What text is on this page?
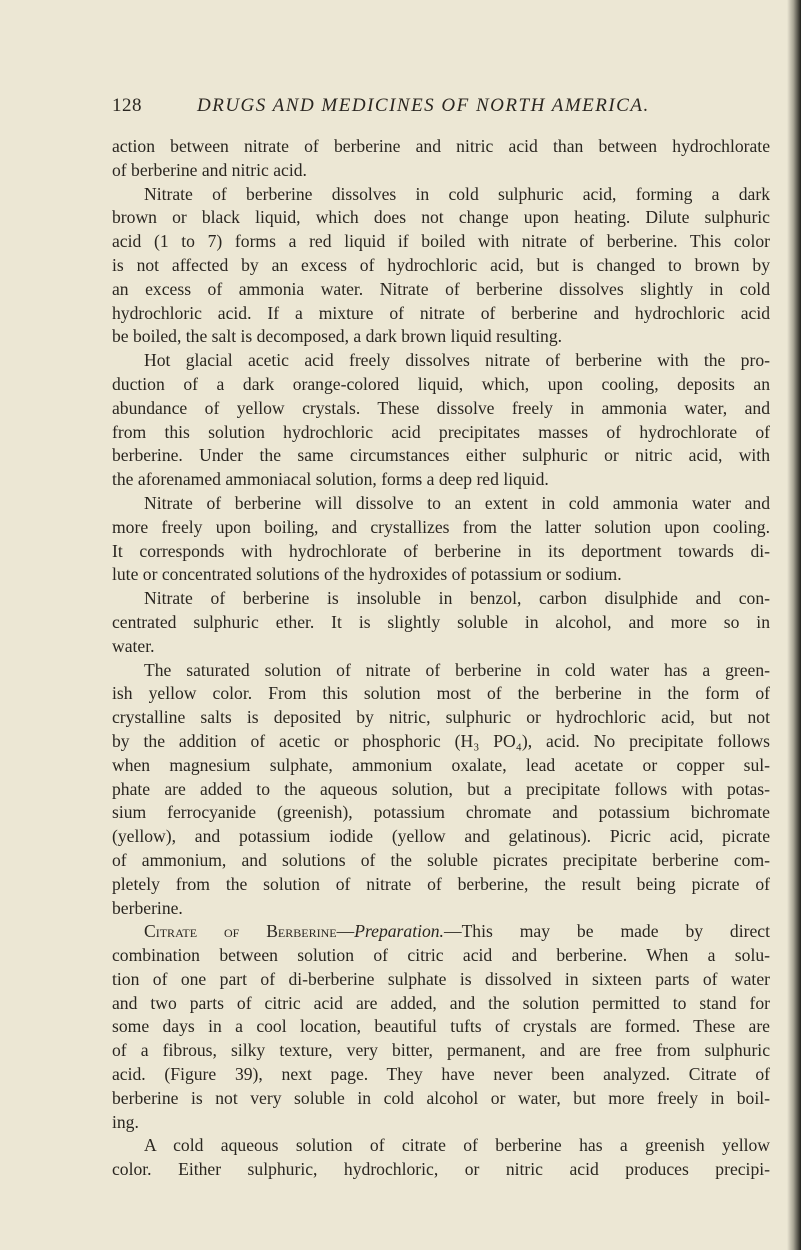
128	DRUGS AND MEDICINES OF NORTH AMERICA.
action between nitrate of berberine and nitric acid than between hydrochlorate
of berberine and nitric acid.
Nitrate of berberine dissolves in cold sulphuric acid, forming a dark
brown or black liquid, which does not change upon heating. Dilute sulphuric
acid (1 to 7) forms a red liquid if boiled with nitrate of berberine. This color
is not affected by an excess of hydrochloric acid, but is changed to brown by
an excess of ammonia water. Nitrate of berberine dissolves slightly in cold
hydrochloric acid. If a mixture of nitrate of berberine and hydrochloric acid
be boiled, the salt is decomposed, a dark brown liquid resulting.
Hot glacial acetic acid freely dissolves nitrate of berberine with the pro-
duction of a dark orange-colored liquid, which, upon cooling, deposits an
abundance of yellow crystals. These dissolve freely in ammonia water, and
from this solution hydrochloric acid precipitates masses of hydrochlorate of
berberine. Under the same circumstances either sulphuric or nitric acid, with
the aforenamed ammoniacal solution, forms a deep red liquid.
Nitrate of berberine will dissolve to an extent in cold ammonia water and
more freely upon boiling, and crystallizes from the latter solution upon cooling.
It corresponds with hydrochlorate of berberine in its deportment towards di-
lute or concentrated solutions of the hydroxides of potassium or sodium.
Nitrate of berberine is insoluble in benzol, carbon disulphide and con-
centrated sulphuric ether. It is slightly soluble in alcohol, and more so in
water.
The saturated solution of nitrate of berberine in cold water has a green-
ish yellow color. From this solution most of the berberine in the form of
crystalline salts is deposited by nitric, sulphuric or hydrochloric acid, but not
by the addition of acetic or phosphoric (H₃ PO₄), acid. No precipitate follows
when magnesium sulphate, ammonium oxalate, lead acetate or copper sul-
phate are added to the aqueous solution, but a precipitate follows with potas-
sium ferrocyanide (greenish), potassium chromate and potassium bichromate
(yellow), and potassium iodide (yellow and gelatinous). Picric acid, picrate
of ammonium, and solutions of the soluble picrates precipitate berberine com-
pletely from the solution of nitrate of berberine, the result being picrate of
berberine.
Citrate of Berberine—Preparation.—This may be made by direct
combination between solution of citric acid and berberine. When a solu-
tion of one part of di-berberine sulphate is dissolved in sixteen parts of water
and two parts of citric acid are added, and the solution permitted to stand for
some days in a cool location, beautiful tufts of crystals are formed. These are
of a fibrous, silky texture, very bitter, permanent, and are free from sulphuric
acid. (Figure 39), next page. They have never been analyzed. Citrate of
berberine is not very soluble in cold alcohol or water, but more freely in boil-
ing.
A cold aqueous solution of citrate of berberine has a greenish yellow
color. Either sulphuric, hydrochloric, or nitric acid produces precipi-
